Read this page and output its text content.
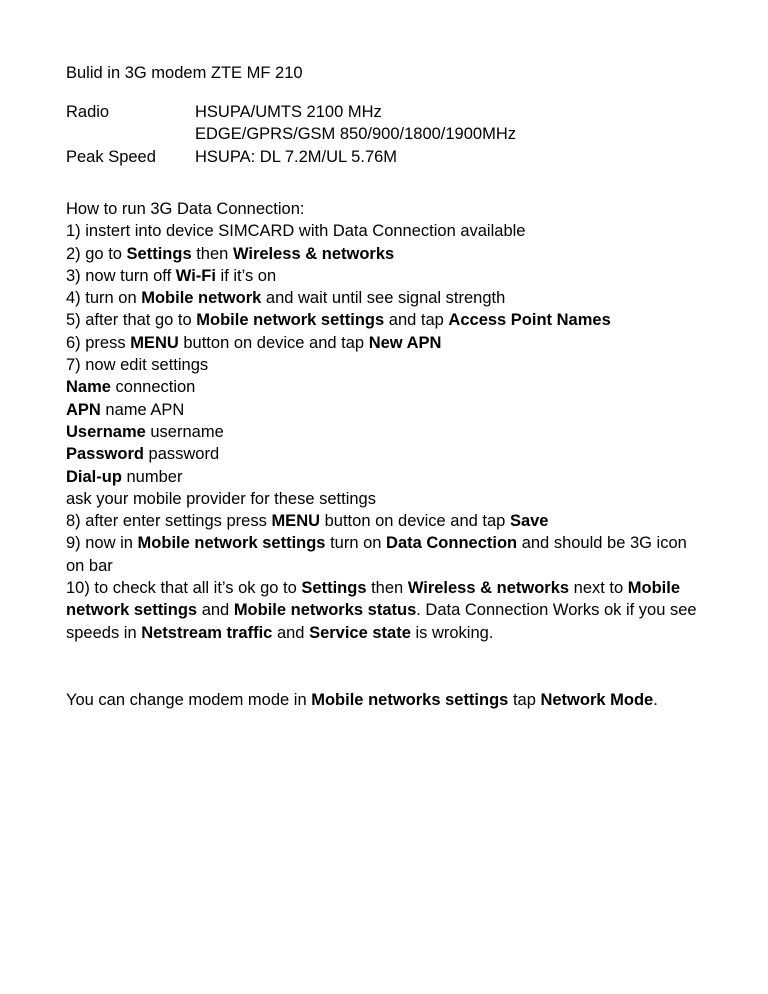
Bulid in 3G modem ZTE MF 210
Radio	HSUPA/UMTS 2100 MHz
EDGE/GPRS/GSM 850/900/1800/1900MHz
Peak Speed	HSUPA: DL 7.2M/UL 5.76M
How to run 3G Data Connection:
1) instert into device SIMCARD with Data Connection available
2) go to Settings then Wireless & networks
3) now turn off Wi-Fi if it’s on
4) turn on Mobile network and wait until see signal strength
5) after that go to Mobile network settings and tap Access Point Names
6) press MENU button on device and tap New APN
7) now edit settings
Name connection
APN name APN
Username username
Password password
Dial-up number
ask your mobile provider for these settings
8) after enter settings press MENU button on device and tap Save
9) now in Mobile network settings turn on Data Connection and should be 3G icon on bar
10) to check that all it’s ok go to Settings then Wireless & networks next to Mobile network settings and Mobile networks status. Data Connection Works ok if you see speeds in Netstream traffic and Service state is wroking.
You can change modem mode in Mobile networks settings tap Network Mode.
